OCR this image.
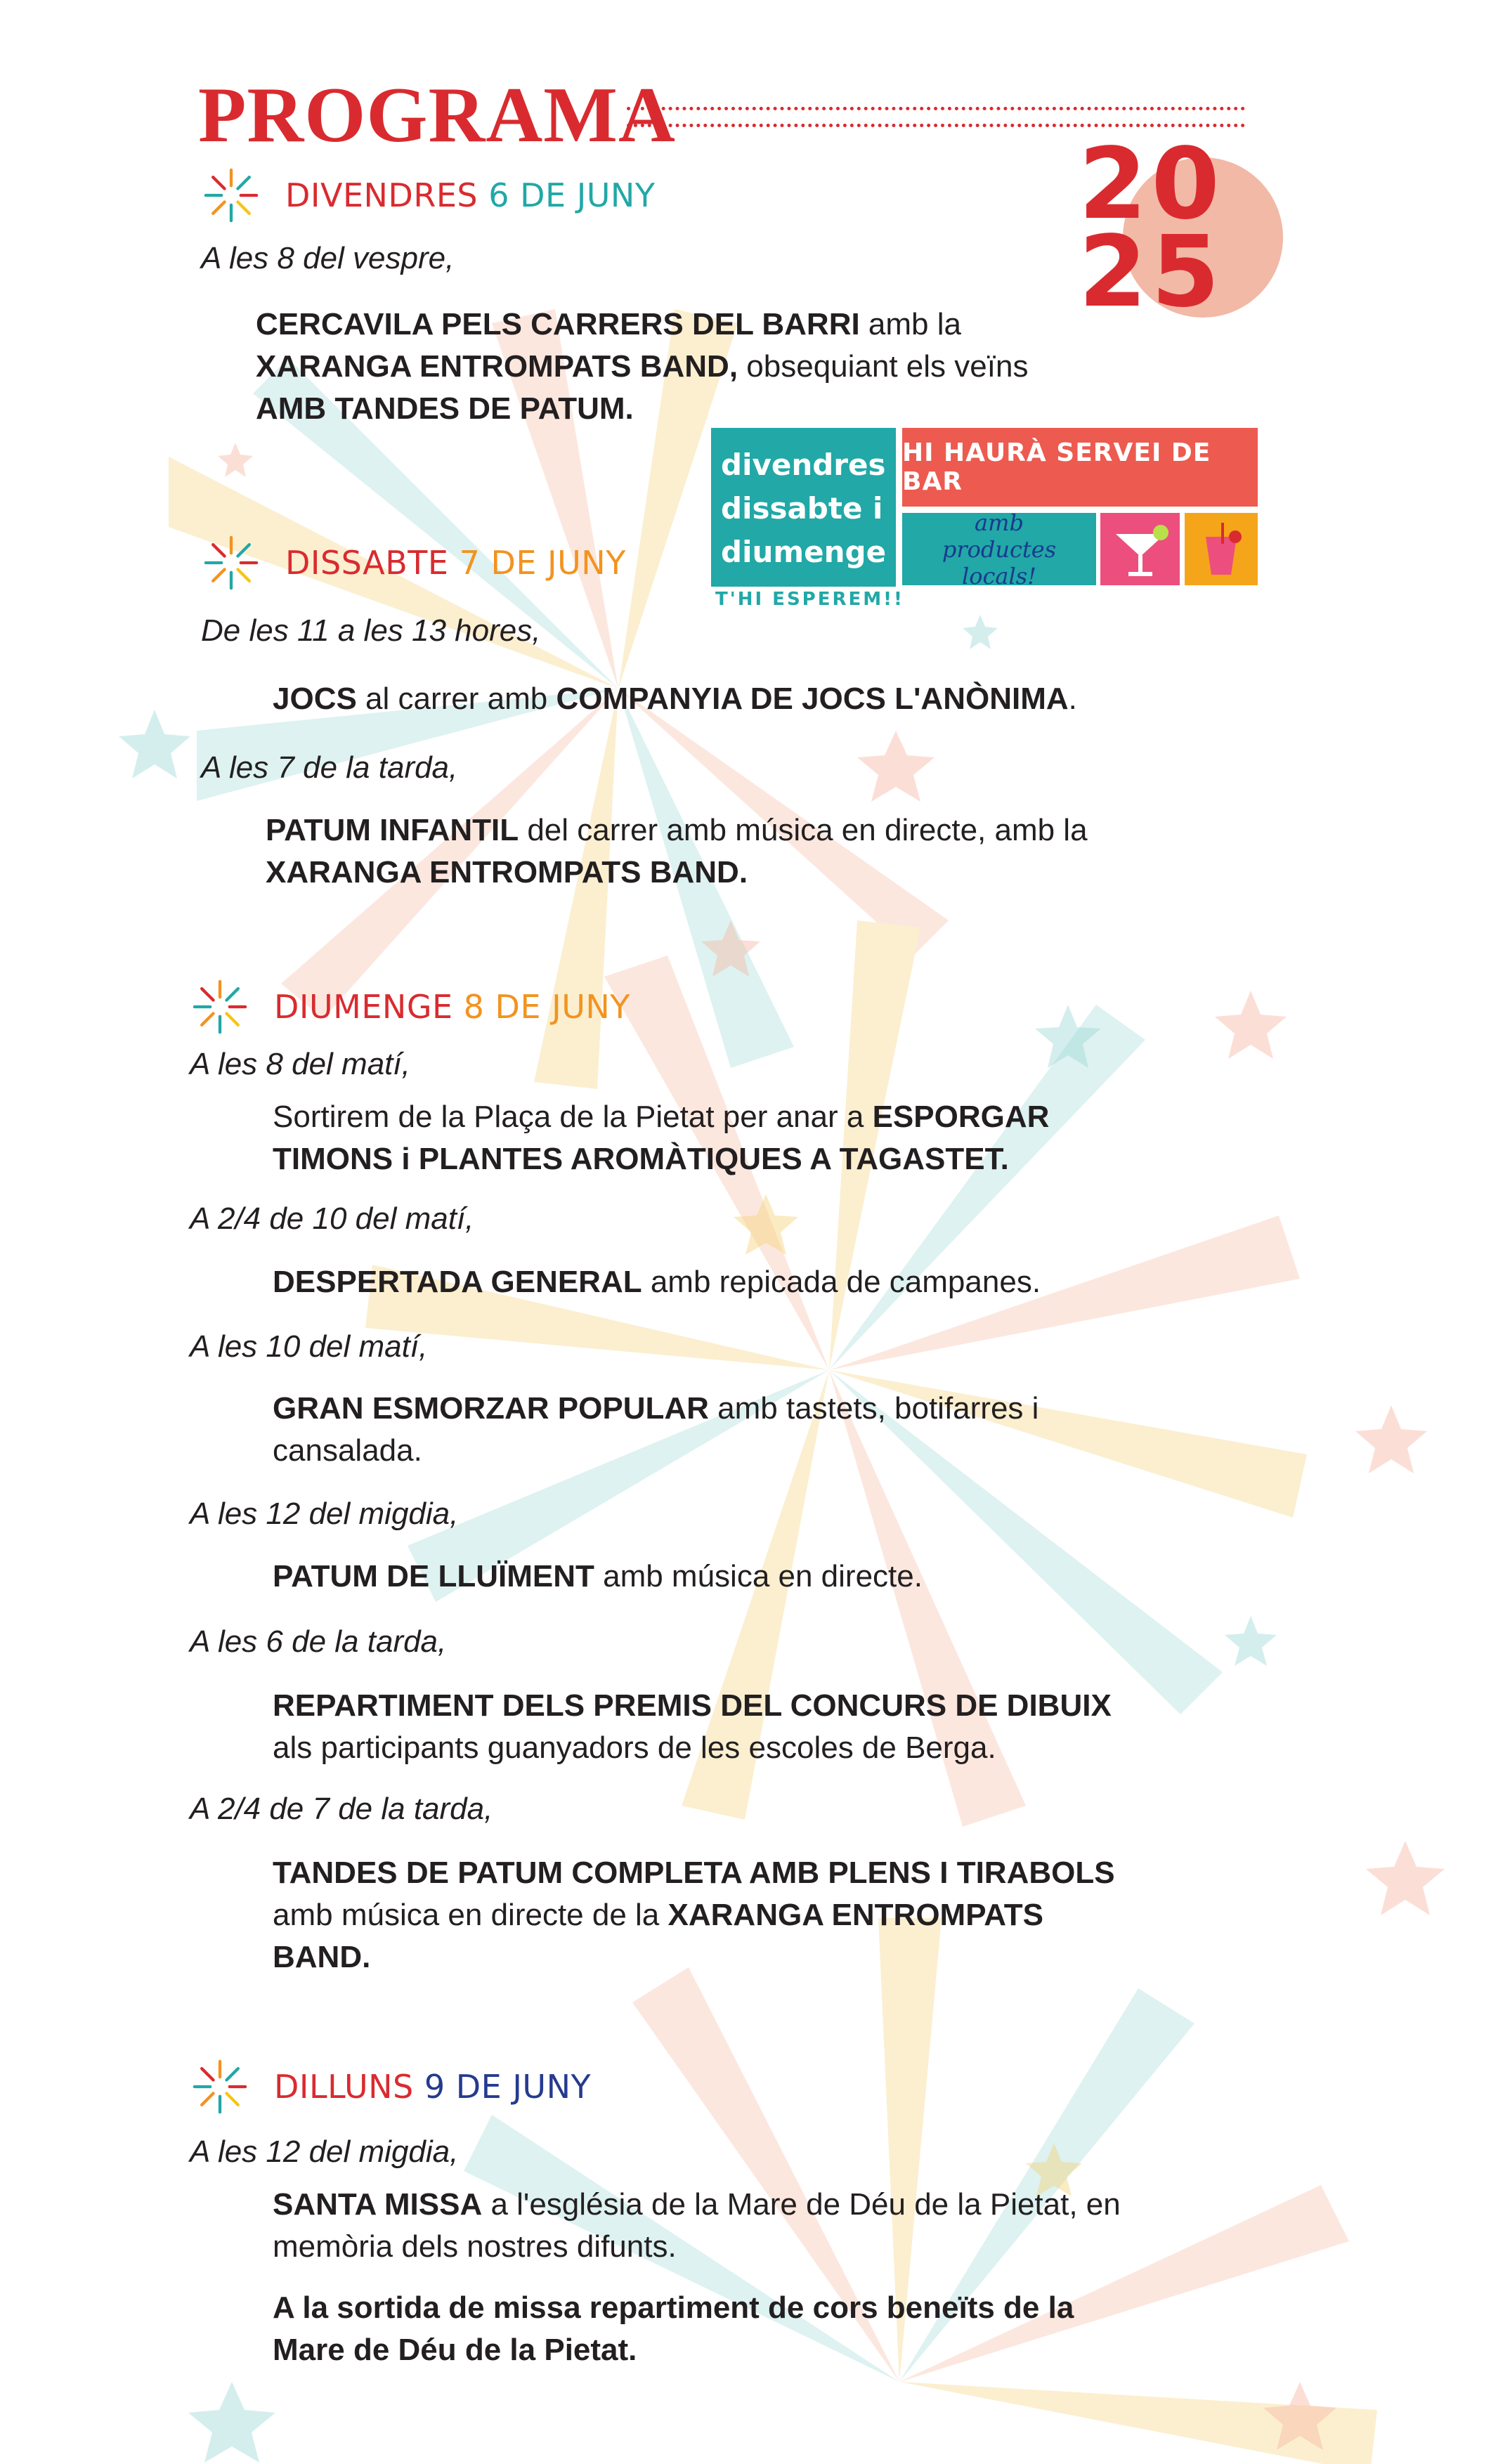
PROGRAMA
20
25
divendres
dissabte i
diumenge
T'HI ESPEREM!!
HI HAURÀ SERVEI DE BAR
amb
productes locals!
DIVENDRES 6 DE JUNY
A les 8 del vespre,
CERCAVILA PELS CARRERS DEL BARRI amb la
XARANGA ENTROMPATS BAND, obsequiant els veïns
AMB TANDES DE PATUM.
DISSABTE 7 DE JUNY
De les 11 a les 13 hores,
JOCS al carrer amb COMPANYIA DE JOCS L'ANÒNIMA.
A les 7 de la tarda,
PATUM INFANTIL del carrer amb música en directe, amb la
XARANGA ENTROMPATS BAND.
DIUMENGE 8 DE JUNY
A les 8 del matí,
Sortirem de la Plaça de la Pietat per anar a ESPORGAR
TIMONS i PLANTES AROMÀTIQUES A TAGASTET.
A 2/4 de 10 del matí,
DESPERTADA GENERAL amb repicada de campanes.
A les 10 del matí,
GRAN ESMORZAR POPULAR amb tastets, botifarres i
cansalada.
A les 12 del migdia,
PATUM DE LLUÏMENT amb música en directe.
A les 6 de la tarda,
REPARTIMENT DELS PREMIS DEL CONCURS DE DIBUIX
als participants guanyadors de les escoles de Berga.
A 2/4 de 7 de la tarda,
TANDES DE PATUM COMPLETA AMB PLENS I TIRABOLS
amb música en directe de la XARANGA ENTROMPATS
BAND.
DILLUNS 9 DE JUNY
A les 12 del migdia,
SANTA MISSA a l'església de la Mare de Déu de la Pietat, en
memòria dels nostres difunts.
A la sortida de missa repartiment de cors beneïts de la
Mare de Déu de la Pietat.
